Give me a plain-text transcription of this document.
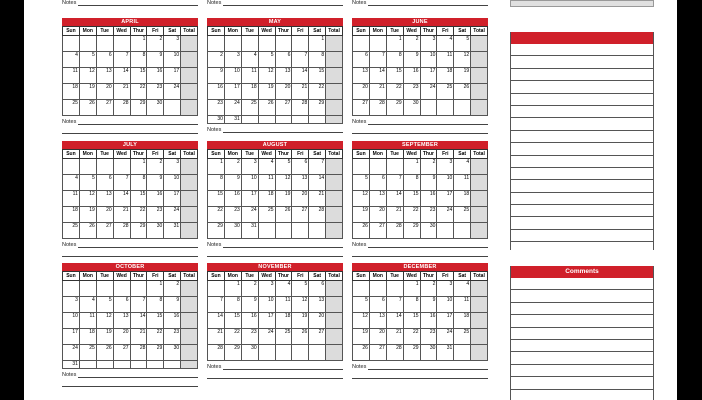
Notes	Notes	Notes
APRIL
Sun	Mon	Tue	Wed	Thur	Fri	Sat	Total
				1	2	3	
4	5	6	7	8	9	10	
11	12	13	14	15	16	17	
18	19	20	21	22	23	24	
25	26	27	28	29	30		
Notes
MAY
Sun	Mon	Tue	Wed	Thur	Fri	Sat	Total
						1	
2	3	4	5	6	7	8	
9	10	11	12	13	14	15	
16	17	18	19	20	21	22	
23	24	25	26	27	28	29	
30	31						
Notes
JUNE
Sun	Mon	Tue	Wed	Thur	Fri	Sat	Total
		1	2	3	4	5	
6	7	8	9	10	11	12	
13	14	15	16	17	18	19	
20	21	22	23	24	25	26	
27	28	29	30				
Notes
JULY
Sun	Mon	Tue	Wed	Thur	Fri	Sat	Total
				1	2	3	
4	5	6	7	8	9	10	
11	12	13	14	15	16	17	
18	19	20	21	22	23	24	
25	26	27	28	29	30	31	
Notes
AUGUST
Sun	Mon	Tue	Wed	Thur	Fri	Sat	Total
1	2	3	4	5	6	7	
8	9	10	11	12	13	14	
15	16	17	18	19	20	21	
22	23	24	25	26	27	28	
29	30	31					
Notes
SEPTEMBER
Sun	Mon	Tue	Wed	Thur	Fri	Sat	Total
			1	2	3	4	
5	6	7	8	9	10	11	
12	13	14	15	16	17	18	
19	20	21	22	23	24	25	
26	27	28	29	30			
Notes
OCTOBER
Sun	Mon	Tue	Wed	Thur	Fri	Sat	Total
					1	2	
3	4	5	6	7	8	9	
10	11	12	13	14	15	16	
17	18	19	20	21	22	23	
24	25	26	27	28	29	30	
31							
Notes
NOVEMBER
Sun	Mon	Tue	Wed	Thur	Fri	Sat	Total
	1	2	3	4	5	6	
7	8	9	10	11	12	13	
14	15	16	17	18	19	20	
21	22	23	24	25	26	27	
28	29	30					
Notes
DECEMBER
Sun	Mon	Tue	Wed	Thur	Fri	Sat	Total
			1	2	3	4	
5	6	7	8	9	10	11	
12	13	14	15	16	17	18	
19	20	21	22	23	24	25	
26	27	28	29	30	31		
Notes
Comments
